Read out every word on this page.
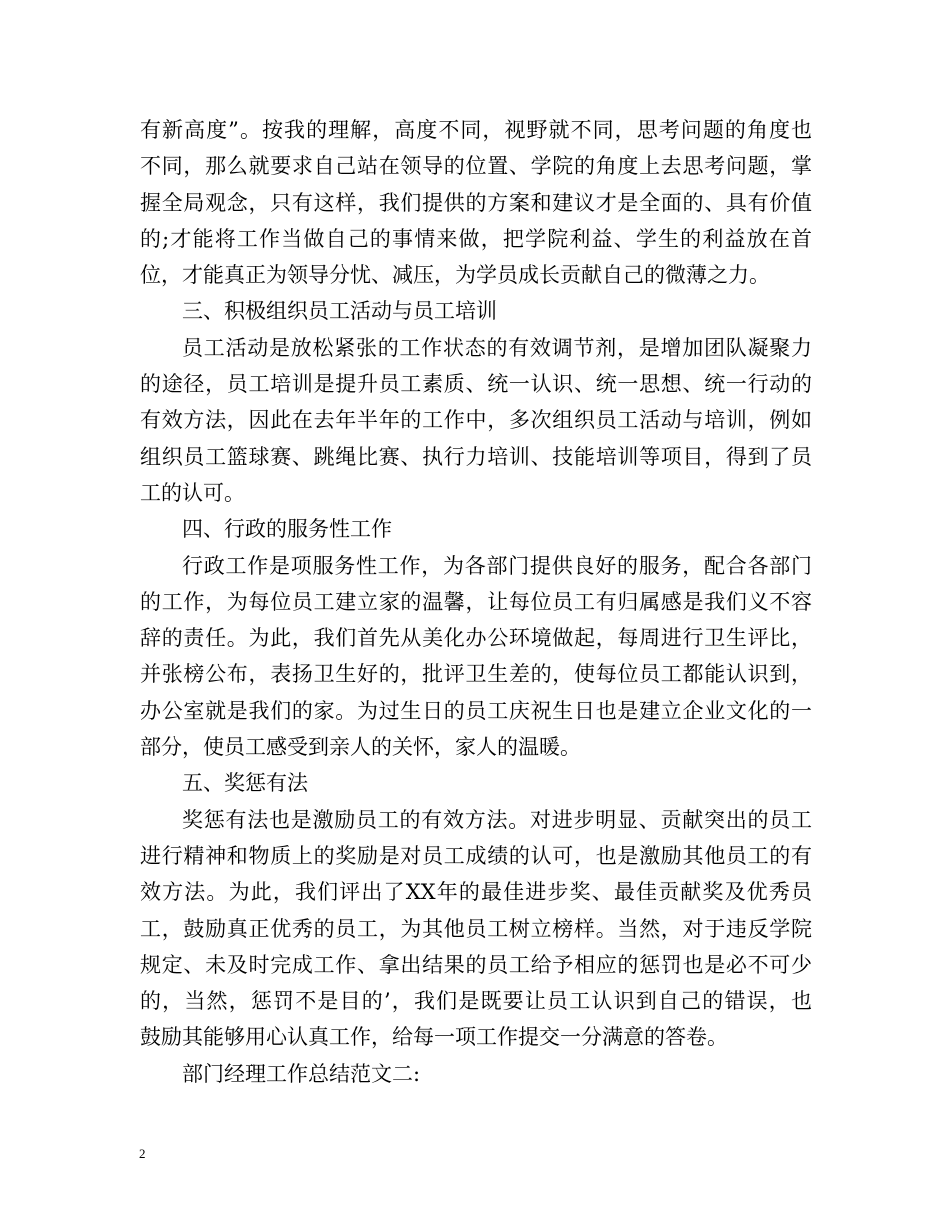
有新高度”。按我的理解，高度不同，视野就不同，思考问题的角度也
不同，那么就要求自己站在领导的位置、学院的角度上去思考问题，掌
握全局观念，只有这样，我们提供的方案和建议才是全面的、具有价值
的;才能将工作当做自己的事情来做，把学院利益、学生的利益放在首
位，才能真正为领导分忧、减压，为学员成长贡献自己的微薄之力。
三、积极组织员工活动与员工培训
员工活动是放松紧张的工作状态的有效调节剂，是增加团队凝聚力
的途径，员工培训是提升员工素质、统一认识、统一思想、统一行动的
有效方法，因此在去年半年的工作中，多次组织员工活动与培训，例如
组织员工篮球赛、跳绳比赛、执行力培训、技能培训等项目，得到了员
工的认可。
四、行政的服务性工作
行政工作是项服务性工作，为各部门提供良好的服务，配合各部门
的工作，为每位员工建立家的温馨，让每位员工有归属感是我们义不容
辞的责任。为此，我们首先从美化办公环境做起，每周进行卫生评比，
并张榜公布，表扬卫生好的，批评卫生差的，使每位员工都能认识到，
办公室就是我们的家。为过生日的员工庆祝生日也是建立企业文化的一
部分，使员工感受到亲人的关怀，家人的温暖。
五、奖惩有法
奖惩有法也是激励员工的有效方法。对进步明显、贡献突出的员工
进行精神和物质上的奖励是对员工成绩的认可，也是激励其他员工的有
效方法。为此，我们评出了XX年的最佳进步奖、最佳贡献奖及优秀员
工，鼓励真正优秀的员工，为其他员工树立榜样。当然，对于违反学院
规定、未及时完成工作、拿出结果的员工给予相应的惩罚也是必不可少
的，当然，惩罚不是目的’，我们是既要让员工认识到自己的错误，也
鼓励其能够用心认真工作，给每一项工作提交一分满意的答卷。
部门经理工作总结范文二:
2
